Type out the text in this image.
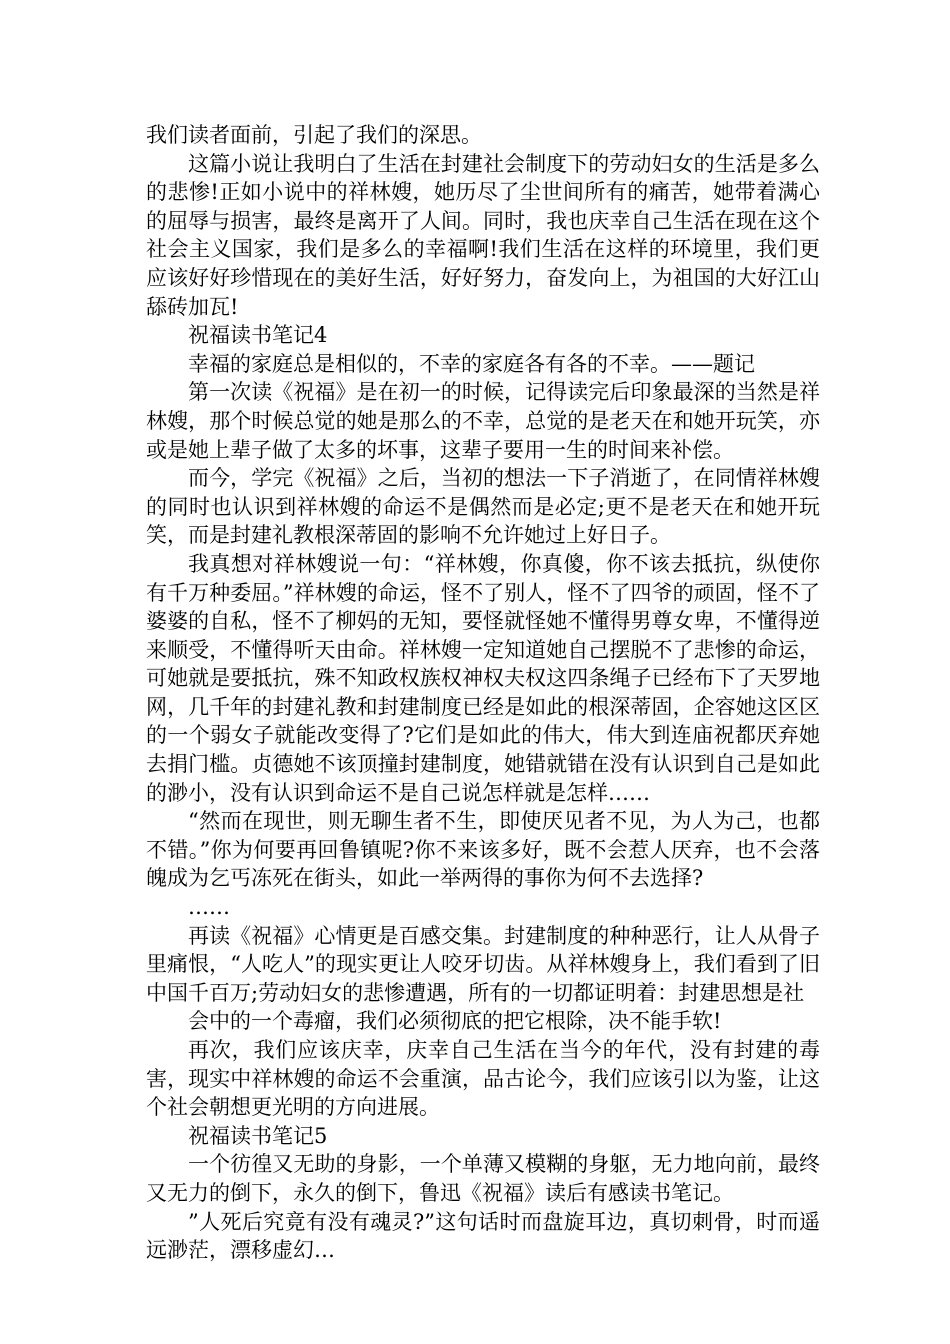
我们读者面前，引起了我们的深思。

这篇小说让我明白了生活在封建社会制度下的劳动妇女的生活是多么的悲惨!正如小说中的祥林嫂，她历尽了尘世间所有的痛苦，她带着满心的屈辱与损害，最终是离开了人间。同时，我也庆幸自己生活在现在这个社会主义国家，我们是多么的幸福啊!我们生活在这样的环境里，我们更应该好好珍惜现在的美好生活，好好努力，奋发向上，为祖国的大好江山舔砖加瓦!

祝福读书笔记4

幸福的家庭总是相似的，不幸的家庭各有各的不幸。——题记

第一次读《祝福》是在初一的时候，记得读完后印象最深的当然是祥林嫂，那个时候总觉的她是那么的不幸，总觉的是老天在和她开玩笑，亦或是她上辈子做了太多的坏事，这辈子要用一生的时间来补偿。

而今，学完《祝福》之后，当初的想法一下子消逝了，在同情祥林嫂的同时也认识到祥林嫂的命运不是偶然而是必定;更不是老天在和她开玩笑，而是封建礼教根深蒂固的影响不允许她过上好日子。

我真想对祥林嫂说一句：“祥林嫂，你真傻，你不该去抵抗，纵使你有千万种委屈。”祥林嫂的命运，怪不了别人，怪不了四爷的顽固，怪不了婆婆的自私，怪不了柳妈的无知，要怪就怪她不懂得男尊女卑，不懂得逆来顺受，不懂得听天由命。祥林嫂一定知道她自己摆脱不了悲惨的命运，可她就是要抵抗，殊不知政权族权神权夫权这四条绳子已经布下了天罗地网，几千年的封建礼教和封建制度已经是如此的根深蒂固，企容她这区区的一个弱女子就能改变得了?它们是如此的伟大，伟大到连庙祝都厌弃她去捐门槛。贞德她不该顶撞封建制度，她错就错在没有认识到自己是如此的渺小，没有认识到命运不是自己说怎样就是怎样……

“然而在现世，则无聊生者不生，即使厌见者不见，为人为己，也都不错。”你为何要再回鲁镇呢?你不来该多好，既不会惹人厌弃，也不会落魄成为乞丐冻死在街头，如此一举两得的事你为何不去选择?

……

再读《祝福》心情更是百感交集。封建制度的种种恶行，让人从骨子里痛恨，“人吃人”的现实更让人咬牙切齿。从祥林嫂身上，我们看到了旧中国千百万;劳动妇女的悲惨遭遇，所有的一切都证明着：封建思想是社

会中的一个毒瘤，我们必须彻底的把它根除，决不能手软!

再次，我们应该庆幸，庆幸自己生活在当今的年代，没有封建的毒害，现实中祥林嫂的命运不会重演，品古论今，我们应该引以为鉴，让这个社会朝想更光明的方向进展。

祝福读书笔记5

一个彷徨又无助的身影，一个单薄又模糊的身躯，无力地向前，最终又无力的倒下，永久的倒下，鲁迅《祝福》读后有感读书笔记。

”人死后究竟有没有魂灵?”这句话时而盘旋耳边，真切刺骨，时而遥远渺茫，漂移虚幻…
